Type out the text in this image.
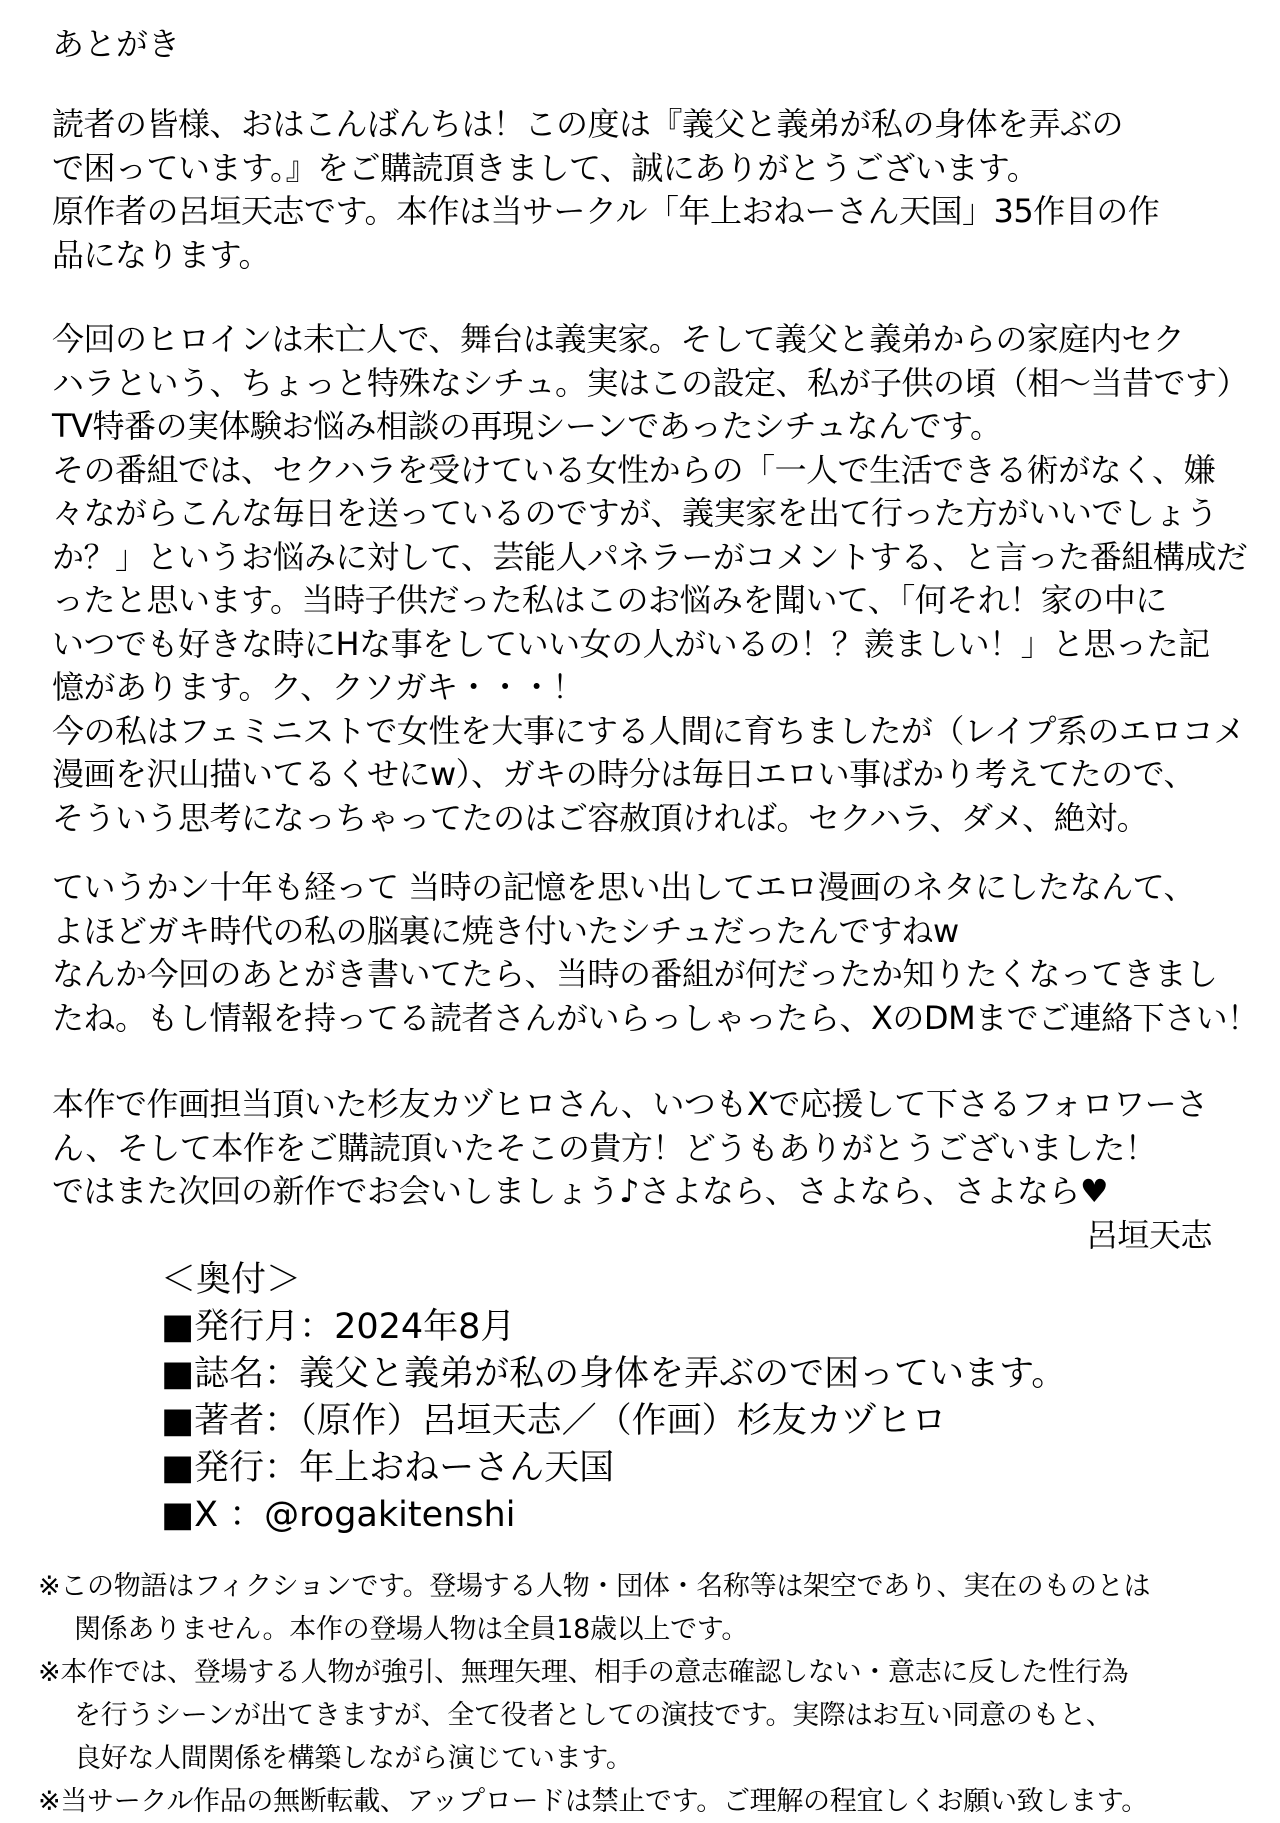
あとがき
読者の皆様、おはこんばんちは！この度は『義父と義弟が私の身体を弄ぶの
で困っています。』をご購読頂きまして、誠にありがとうございます。
原作者の呂垣天志です。本作は当サークル「年上おねーさん天国」35作目の作
品になります。
今回のヒロインは未亡人で、舞台は義実家。そして義父と義弟からの家庭内セク
ハラという、ちょっと特殊なシチュ。実はこの設定、私が子供の頃（相～当昔です）
TV特番の実体験お悩み相談の再現シーンであったシチュなんです。
その番組では、セクハラを受けている女性からの「一人で生活できる術がなく、嫌
々ながらこんな毎日を送っているのですが、義実家を出て行った方がいいでしょう
か？」というお悩みに対して、芸能人パネラーがコメントする、と言った番組構成だ
ったと思います。当時子供だった私はこのお悩みを聞いて、「何それ！家の中に
いつでも好きな時にHな事をしていい女の人がいるの！？羨ましい！」と思った記
憶があります。ク、クソガキ・・・！
今の私はフェミニストで女性を大事にする人間に育ちましたが（レイプ系のエロコメ
漫画を沢山描いてるくせにw）、ガキの時分は毎日エロい事ばかり考えてたので、
そういう思考になっちゃってたのはご容赦頂ければ。セクハラ、ダメ、絶対。
ていうかン十年も経って 当時の記憶を思い出してエロ漫画のネタにしたなんて、
よほどガキ時代の私の脳裏に焼き付いたシチュだったんですねw
なんか今回のあとがき書いてたら、当時の番組が何だったか知りたくなってきまし
たね。もし情報を持ってる読者さんがいらっしゃったら、XのDMまでご連絡下さい！
本作で作画担当頂いた杉友カヅヒロさん、いつもXで応援して下さるフォロワーさ
ん、そして本作をご購読頂いたそこの貴方！どうもありがとうございました！
ではまた次回の新作でお会いしましょう♪さよなら、さよなら、さよなら♥
呂垣天志
＜奥付＞
■発行月：2024年8月
■誌名：義父と義弟が私の身体を弄ぶので困っています。
■著者：（原作）呂垣天志／（作画）杉友カヅヒロ
■発行：年上おねーさん天国
■X ：@rogakitenshi
※この物語はフィクションです。登場する人物・団体・名称等は架空であり、実在のものとは
関係ありません。本作の登場人物は全員18歳以上です。
※本作では、登場する人物が強引、無理矢理、相手の意志確認しない・意志に反した性行為
を行うシーンが出てきますが、全て役者としての演技です。実際はお互い同意のもと、
良好な人間関係を構築しながら演じています。
※当サークル作品の無断転載、アップロードは禁止です。ご理解の程宜しくお願い致します。
